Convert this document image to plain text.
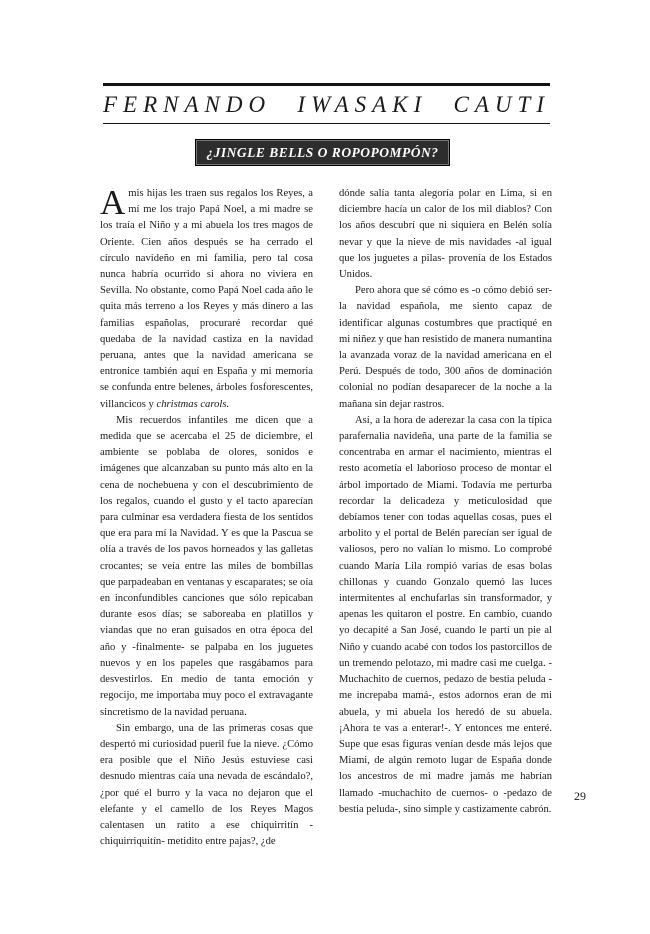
FERNANDO IWASAKI CAUTI
¿JINGLE BELLS O ROPOPOMPÓN?

Amis hijas les traen sus regalos los Reyes, a mí me los trajo Papá Noel, a mi madre se los traía el Niño y a mi abuela los tres magos de Oriente. Cien años después se ha cerrado el círculo navideño en mi familia, pero tal cosa nunca habría ocurrido si ahora no viviera en Sevilla. No obstante, como Papá Noel cada año le quita más terreno a los Reyes y más dinero a las familias españolas, procuraré recordar qué quedaba de la navidad castiza en la navidad peruana, antes que la navidad americana se entronice también aquí en España y mi memoria se confunda entre belenes, árboles fosforescentes, villancicos y christmas carols.

Mis recuerdos infantiles me dicen que a medida que se acercaba el 25 de diciembre, el ambiente se poblaba de olores, sonidos e imágenes que alcanzaban su punto más alto en la cena de nochebuena y con el descubrimiento de los regalos, cuando el gusto y el tacto aparecían para culminar esa verdadera fiesta de los sentidos que era para mí la Navidad. Y es que la Pascua se olía a través de los pavos horneados y las galletas crocantes; se veía entre las miles de bombillas que parpadeaban en ventanas y escaparates; se oía en inconfundibles canciones que sólo repicaban durante esos días; se saboreaba en platillos y viandas que no eran guisados en otra época del año y -finalmente- se palpaba en los juguetes nuevos y en los papeles que rasgábamos para desvestirlos. En medio de tanta emoción y regocijo, me importaba muy poco el extravagante sincretismo de la navidad peruana.

Sin embargo, una de las primeras cosas que despertó mi curiosidad pueril fue la nieve. ¿Cómo era posible que el Niño Jesús estuviese casi desnudo mientras caía una nevada de escándalo?, ¿por qué el burro y la vaca no dejaron que el elefante y el camello de los Reyes Magos calentasen un ratito a ese chiquirritín -chiquirriquitín- metidito entre pajas?, ¿de

dónde salía tanta alegoría polar en Lima, si en diciembre hacía un calor de los mil diablos? Con los años descubrí que ni siquiera en Belén solía nevar y que la nieve de mis navidades -al igual que los juguetes a pilas- provenía de los Estados Unidos.

Pero ahora que sé cómo es -o cómo debió ser- la navidad española, me siento capaz de identificar algunas costumbres que practiqué en mi niñez y que han resistido de manera numantina la avanzada voraz de la navidad americana en el Perú. Después de todo, 300 años de dominación colonial no podían desaparecer de la noche a la mañana sin dejar rastros.

Así, a la hora de aderezar la casa con la típica parafernalia navideña, una parte de la familia se concentraba en armar el nacimiento, mientras el resto acometía el laborioso proceso de montar el árbol importado de Miami. Todavía me perturba recordar la delicadeza y meticulosidad que debíamos tener con todas aquellas cosas, pues el arbolito y el portal de Belén parecían ser igual de valiosos, pero no valían lo mismo. Lo comprobé cuando María Lila rompió varias de esas bolas chillonas y cuando Gonzalo quemó las luces intermitentes al enchufarlas sin transformador, y apenas les quitaron el postre. En cambio, cuando yo decapité a San José, cuando le partí un pie al Niño y cuando acabé con todos los pastorcillos de un tremendo pelotazo, mi madre casi me cuelga. -Muchachito de cuernos, pedazo de bestia peluda -me increpaba mamá-, estos adornos eran de mi abuela, y mi abuela los heredó de su abuela. ¡Ahora te vas a enterar!-. Y entonces me enteré. Supe que esas figuras venían desde más lejos que Miami, de algún remoto lugar de España donde los ancestros de mi madre jamás me habrían llamado -muchachito de cuernos- o -pedazo de bestia peluda-, sino simple y castizamente cabrón.

29
